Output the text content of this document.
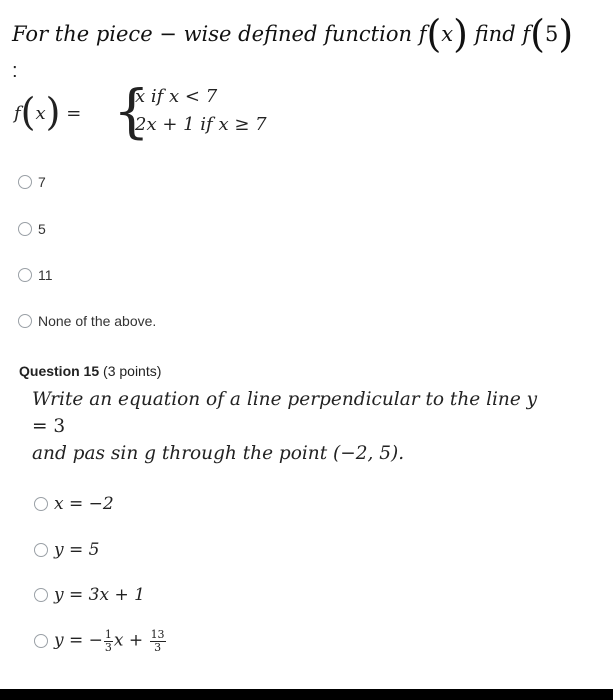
For the piece − wise defined function f(x) find f(5)
:
f(x) = {
x if x < 7
2x + 1 if x ≥ 7
7
5
11
None of the above.
Question 15 (3 points)
Write an equation of a line perpendicular to the line y
= 3
and pas sin g through the point (−2, 5).
x = −2
y = 5
y = 3x + 1
y = − $\frac{1}{3}$ $x + \frac{13}{3}$
